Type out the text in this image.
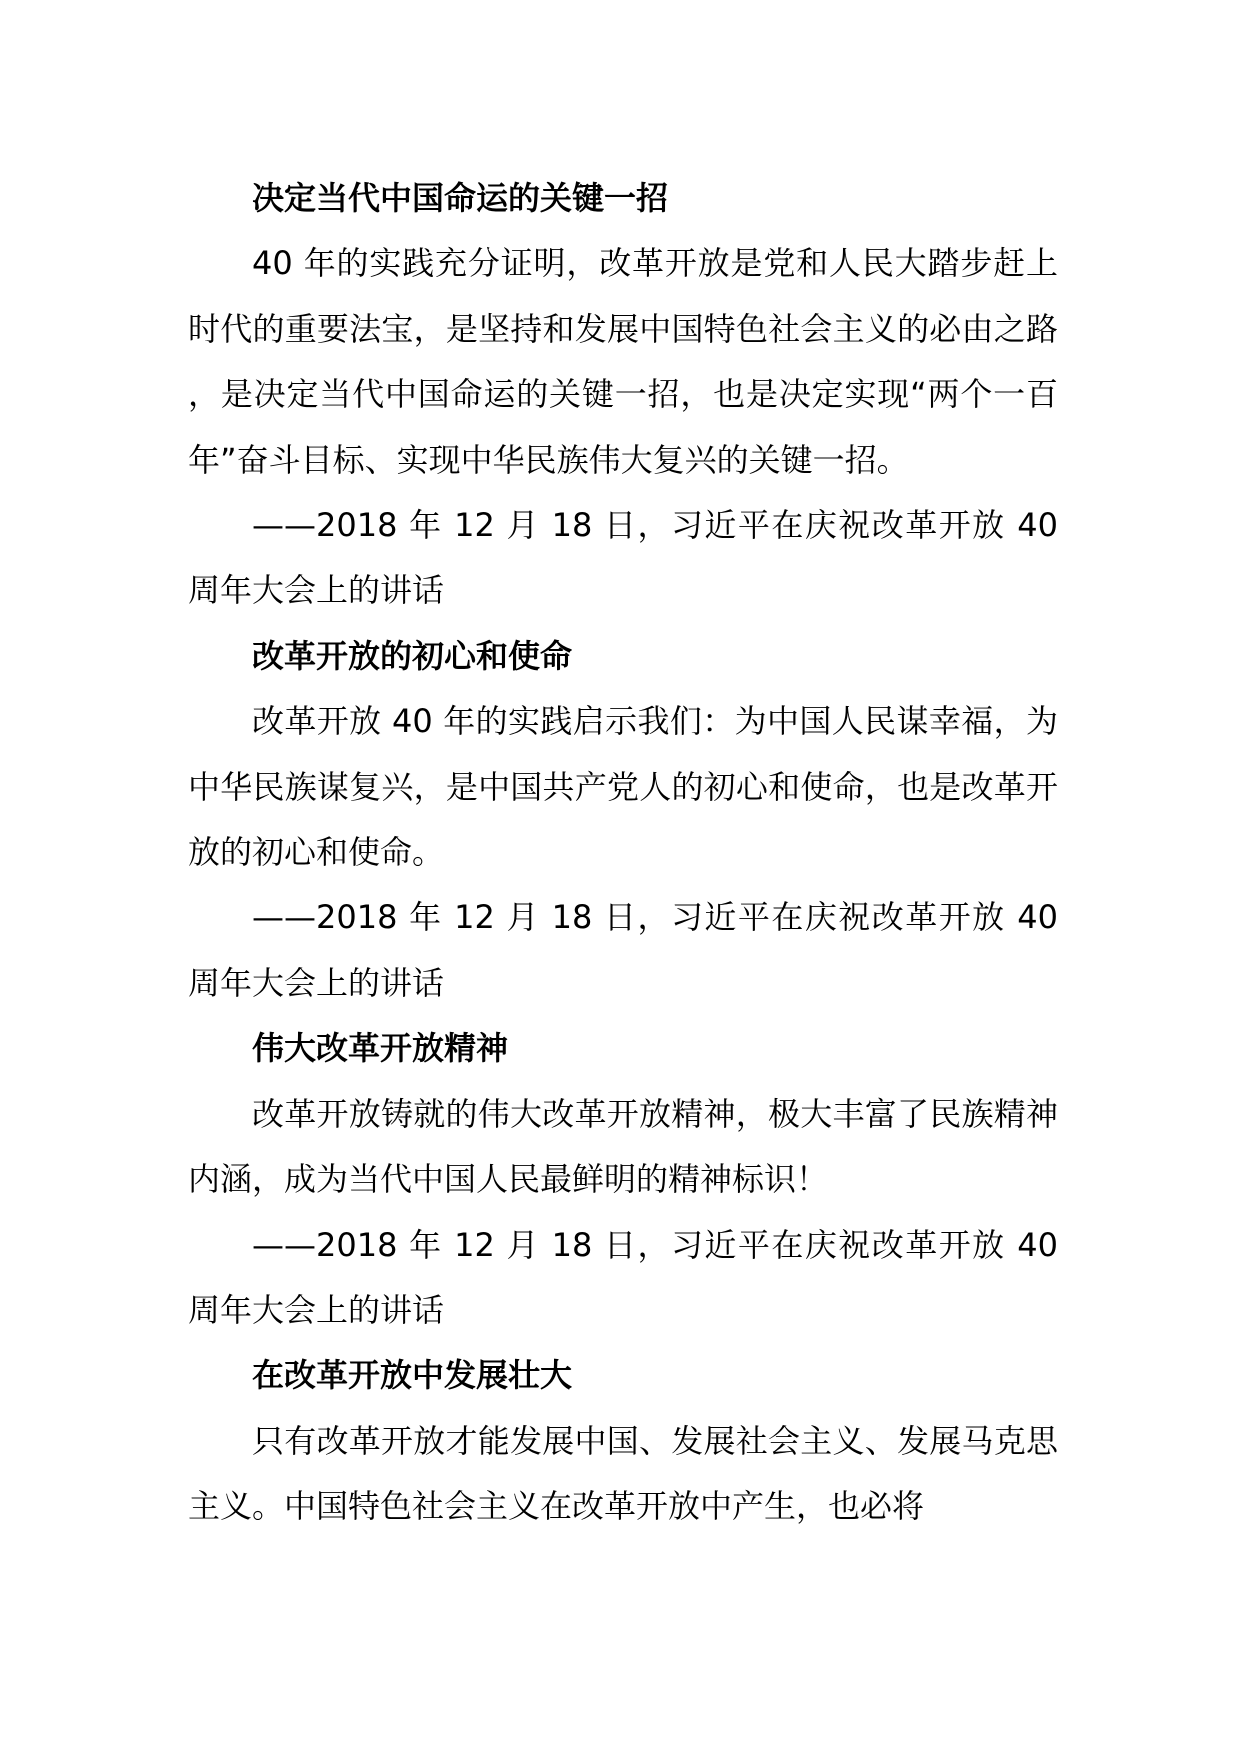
决定当代中国命运的关键一招

40 年的实践充分证明，改革开放是党和人民大踏步赶上时代的重要法宝，是坚持和发展中国特色社会主义的必由之路，是决定当代中国命运的关键一招，也是决定实现“两个一百年”奋斗目标、实现中华民族伟大复兴的关键一招。

——2018 年 12 月 18 日，习近平在庆祝改革开放 40 周年大会上的讲话

改革开放的初心和使命

改革开放 40 年的实践启示我们：为中国人民谋幸福，为中华民族谋复兴，是中国共产党人的初心和使命，也是改革开放的初心和使命。

——2018 年 12 月 18 日，习近平在庆祝改革开放 40 周年大会上的讲话

伟大改革开放精神

改革开放铸就的伟大改革开放精神，极大丰富了民族精神内涵，成为当代中国人民最鲜明的精神标识！

——2018 年 12 月 18 日，习近平在庆祝改革开放 40 周年大会上的讲话

在改革开放中发展壮大

只有改革开放才能发展中国、发展社会主义、发展马克思主义。中国特色社会主义在改革开放中产生，也必将
